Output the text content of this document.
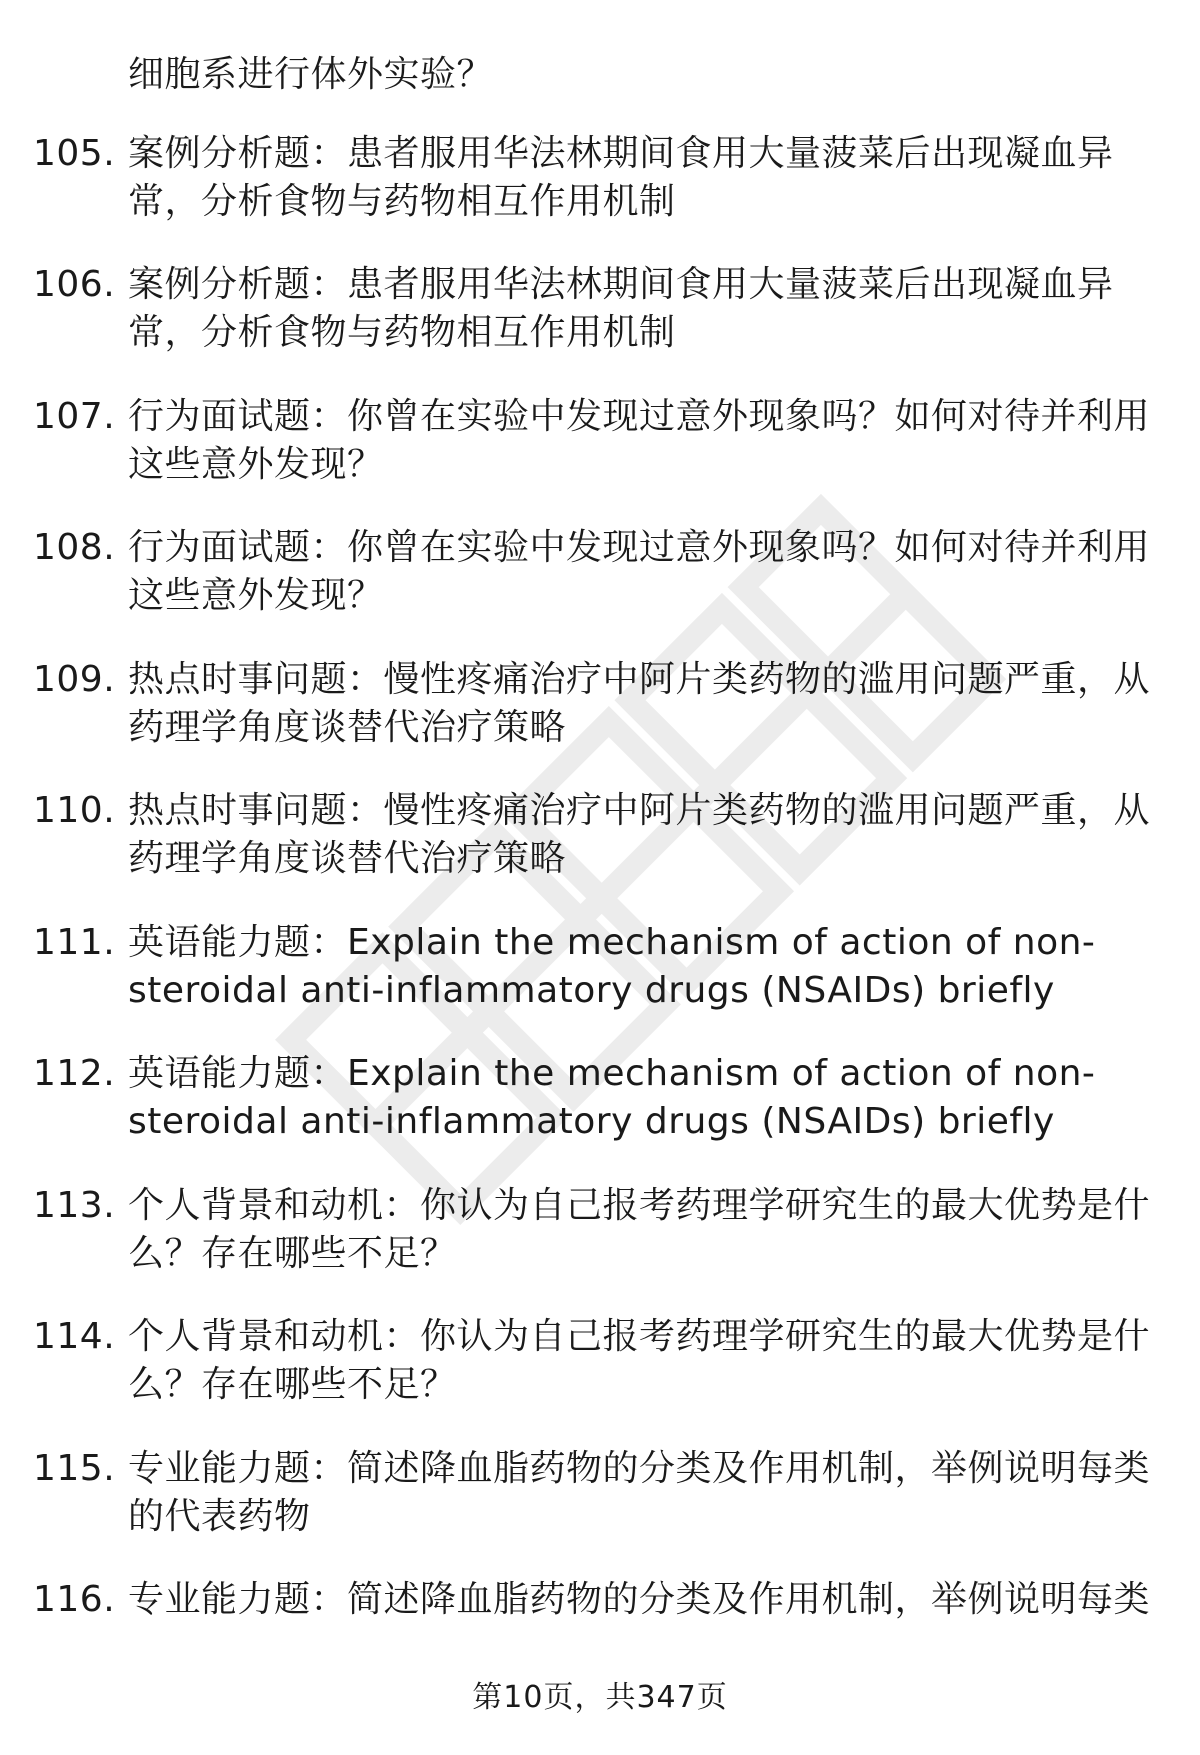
细胞系进行体外实验？
105. 案例分析题：患者服用华法林期间食用大量菠菜后出现凝血异
常，分析食物与药物相互作用机制
106. 案例分析题：患者服用华法林期间食用大量菠菜后出现凝血异
常，分析食物与药物相互作用机制
107. 行为面试题：你曾在实验中发现过意外现象吗？如何对待并利用
这些意外发现？
108. 行为面试题：你曾在实验中发现过意外现象吗？如何对待并利用
这些意外发现？
109. 热点时事问题：慢性疼痛治疗中阿片类药物的滥用问题严重，从
药理学角度谈替代治疗策略
110. 热点时事问题：慢性疼痛治疗中阿片类药物的滥用问题严重，从
药理学角度谈替代治疗策略
111. 英语能力题：Explain the mechanism of action of non-
steroidal anti-inflammatory drugs (NSAIDs) briefly
112. 英语能力题：Explain the mechanism of action of non-
steroidal anti-inflammatory drugs (NSAIDs) briefly
113. 个人背景和动机：你认为自己报考药理学研究生的最大优势是什
么？存在哪些不足？
114. 个人背景和动机：你认为自己报考药理学研究生的最大优势是什
么？存在哪些不足？
115. 专业能力题：简述降血脂药物的分类及作用机制，举例说明每类
的代表药物
116. 专业能力题：简述降血脂药物的分类及作用机制，举例说明每类
第10页，共347页
